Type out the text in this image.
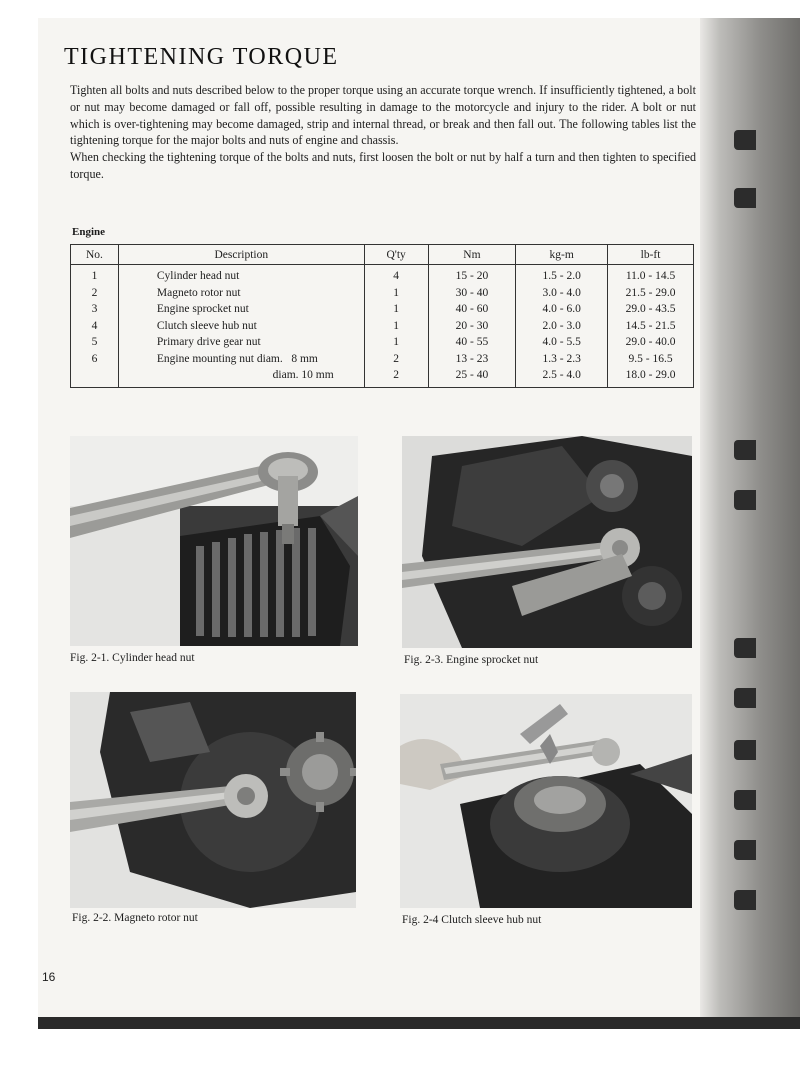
TIGHTENING TORQUE

Tighten all bolts and nuts described below to the proper torque using an accurate torque wrench. If insufficiently tightened, a bolt or nut may become damaged or fall off, possible resulting in damage to the motorcycle and injury to the rider. A bolt or nut which is over-tightening may become damaged, strip and internal thread, or break and then fall out. The following tables list the tightening torque for the major bolts and nuts of engine and chassis.
When checking the tightening torque of the bolts and nuts, first loosen the bolt or nut by half a turn and then tighten to specified torque.

Engine
No.	Description	Q'ty	Nm	kg-m	lb-ft
1	Cylinder head nut	4	15 - 20	1.5 - 2.0	11.0 - 14.5
2	Magneto rotor nut	1	30 - 40	3.0 - 4.0	21.5 - 29.0
3	Engine sprocket nut	1	40 - 60	4.0 - 6.0	29.0 - 43.5
4	Clutch sleeve hub nut	1	20 - 30	2.0 - 3.0	14.5 - 21.5
5	Primary drive gear nut	1	40 - 55	4.0 - 5.5	29.0 - 40.0
6	Engine mounting nut diam.   8 mm	2	13 - 23	1.3 - 2.3	9.5 - 16.5
	diam. 10 mm	2	25 - 40	2.5 - 4.0	18.0 - 29.0
Fig. 2-1. Cylinder head nut	Fig. 2-3. Engine sprocket nut
Fig. 2-2. Magneto rotor nut	Fig. 2-4 Clutch sleeve hub nut
16
